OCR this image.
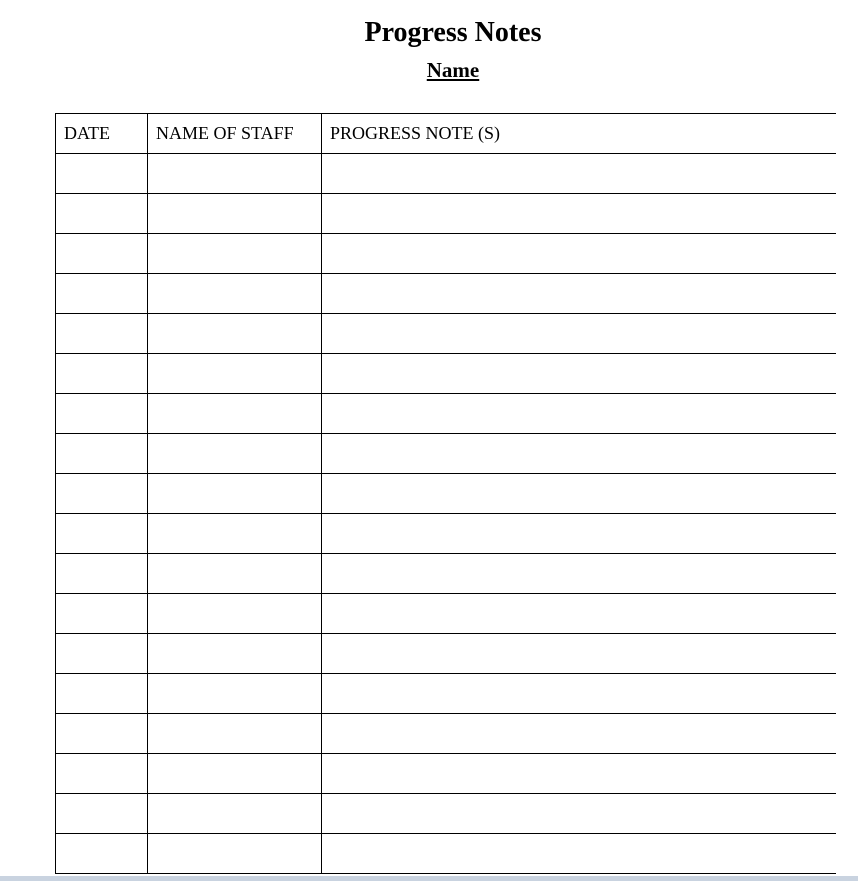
Progress Notes
Name
DATE	NAME OF STAFF	PROGRESS NOTE (S)
